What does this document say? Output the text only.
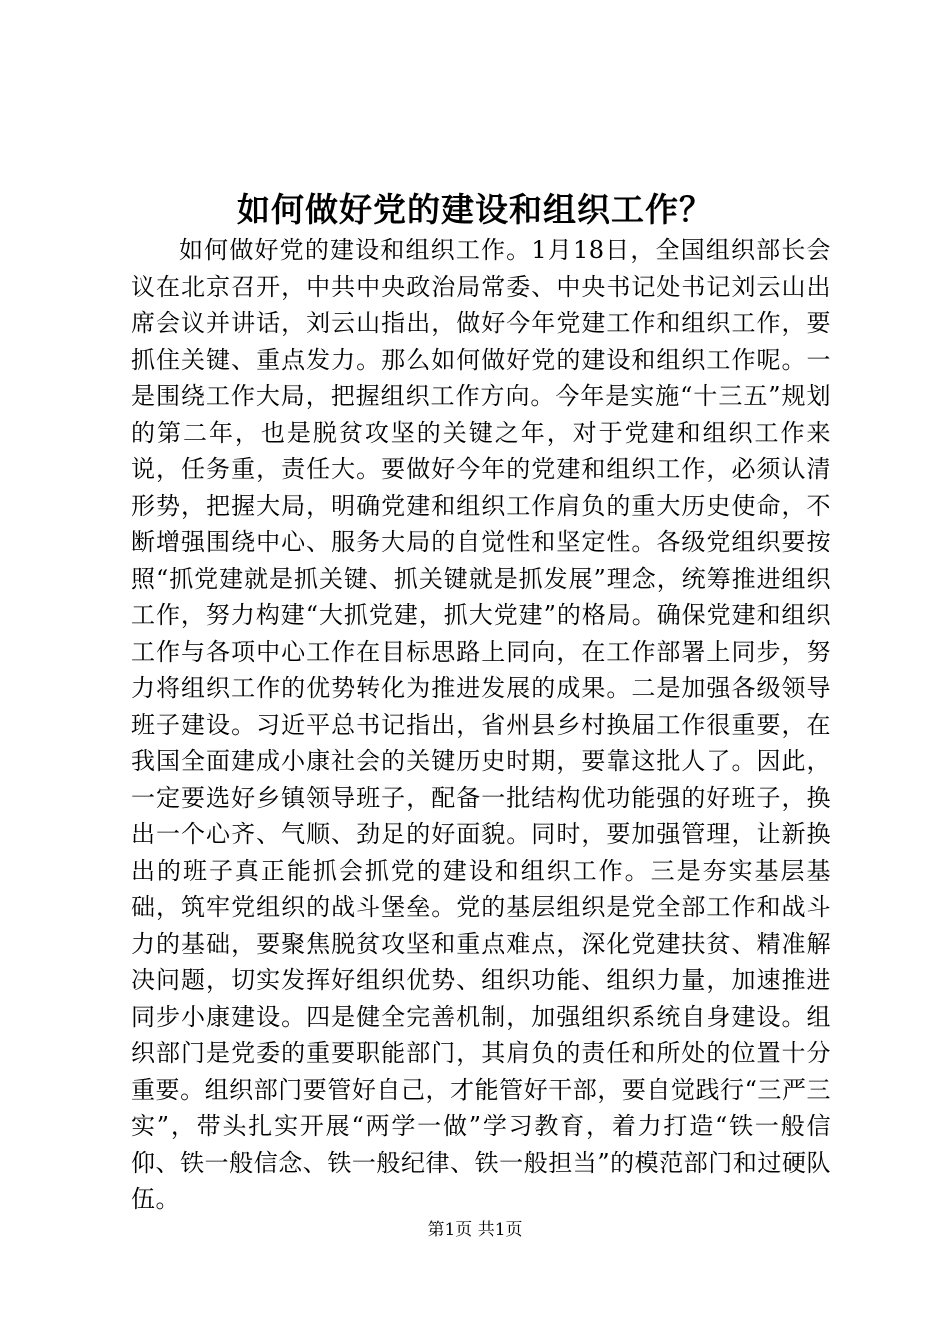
如何做好党的建设和组织工作？

如何做好党的建设和组织工作。1月18日，全国组织部长会议在北京召开，中共中央政治局常委、中央书记处书记刘云山出席会议并讲话，刘云山指出，做好今年党建工作和组织工作，要抓住关键、重点发力。那么如何做好党的建设和组织工作呢。一是围绕工作大局，把握组织工作方向。今年是实施“十三五”规划的第二年，也是脱贫攻坚的关键之年，对于党建和组织工作来说，任务重，责任大。要做好今年的党建和组织工作，必须认清形势，把握大局，明确党建和组织工作肩负的重大历史使命，不断增强围绕中心、服务大局的自觉性和坚定性。各级党组织要按照“抓党建就是抓关键、抓关键就是抓发展”理念，统筹推进组织工作，努力构建“大抓党建，抓大党建”的格局。确保党建和组织工作与各项中心工作在目标思路上同向，在工作部署上同步，努力将组织工作的优势转化为推进发展的成果。二是加强各级领导班子建设。习近平总书记指出，省州县乡村换届工作很重要，在我国全面建成小康社会的关键历史时期，要靠这批人了。因此，一定要选好乡镇领导班子，配备一批结构优功能强的好班子，换出一个心齐、气顺、劲足的好面貌。同时，要加强管理，让新换出的班子真正能抓会抓党的建设和组织工作。三是夯实基层基础，筑牢党组织的战斗堡垒。党的基层组织是党全部工作和战斗力的基础，要聚焦脱贫攻坚和重点难点，深化党建扶贫、精准解决问题，切实发挥好组织优势、组织功能、组织力量，加速推进同步小康建设。四是健全完善机制，加强组织系统自身建设。组织部门是党委的重要职能部门，其肩负的责任和所处的位置十分重要。组织部门要管好自己，才能管好干部，要自觉践行“三严三实”，带头扎实开展“两学一做”学习教育，着力打造“铁一般信仰、铁一般信念、铁一般纪律、铁一般担当”的模范部门和过硬队伍。

第1页 共1页
